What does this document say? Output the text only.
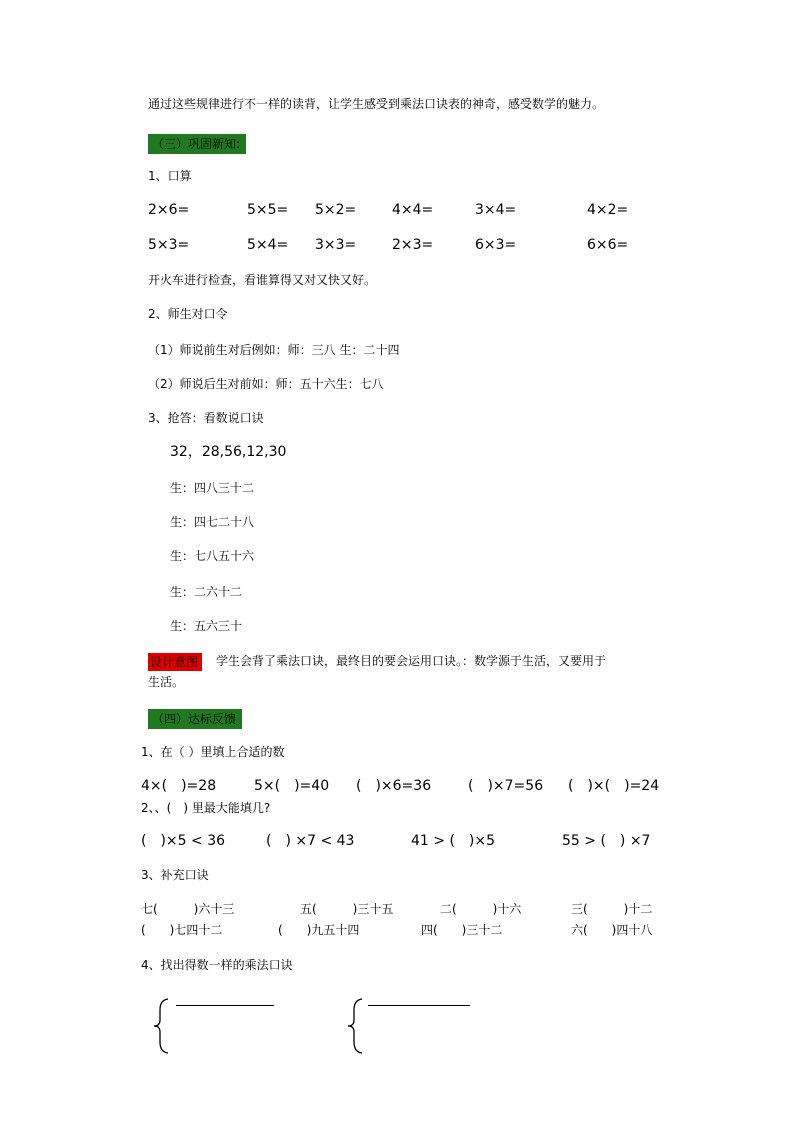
通过这些规律进行不一样的读背，让学生感受到乘法口诀表的神奇，感受数学的魅力。
（三）巩固新知:
1、口算
2×6=	5×5= 5×2=	4×4=	3×4=	4×2=
5×3=	5×4= 3×3=	2×3=	6×3=	6×6=
开火车进行检查，看谁算得又对又快又好。
2、师生对口令
（1）师说前生对后例如：师：三八 生：二十四
（2）师说后生对前如：师：五十六生：七八
3、抢答：看数说口诀
32，28,56,12,30
生：四八三十二
生：四七二十八
生：七八五十六
生：二六十二
生：五六三十
设计意图	学生会背了乘法口诀，最终目的要会运用口诀。：数学源于生活，又要用于
生活。
（四）达标反馈
1、在（ ）里填上合适的数
4×(　)=28	5×(　)=40 (　)×6=36	(　)×7=56 (　)×(　)=24
2、、(　) 里最大能填几?
(　)×5 < 36	(　) ×7 < 43	41 > (　)×5	55 > (　) ×7
3、补充口诀
七(　　　)六十三	五(　　　)三十五	二(　　　)十六	三(　　　)十二
(　　)七四十二	(　　)九五十四	四(　　)三十二	六(　　)四十八
4、找出得数一样的乘法口诀
